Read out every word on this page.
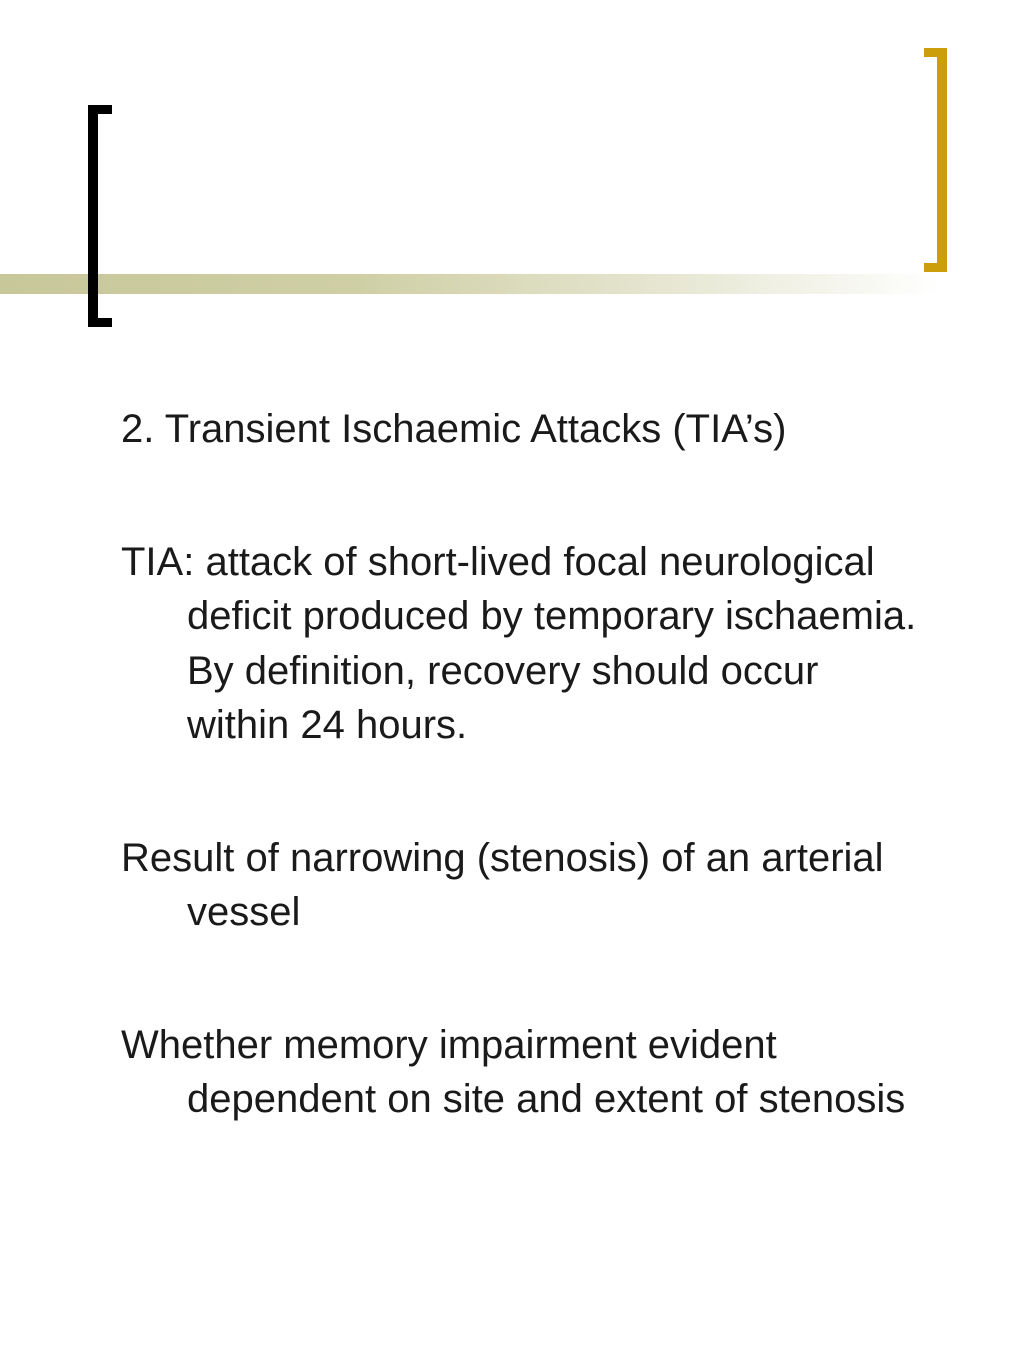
2. Transient Ischaemic Attacks (TIA’s)

TIA: attack of short-lived focal neurological deficit produced by temporary ischaemia. By definition, recovery should occur within 24 hours.

Result of narrowing (stenosis) of an arterial vessel

Whether memory impairment evident dependent on site and extent of stenosis
